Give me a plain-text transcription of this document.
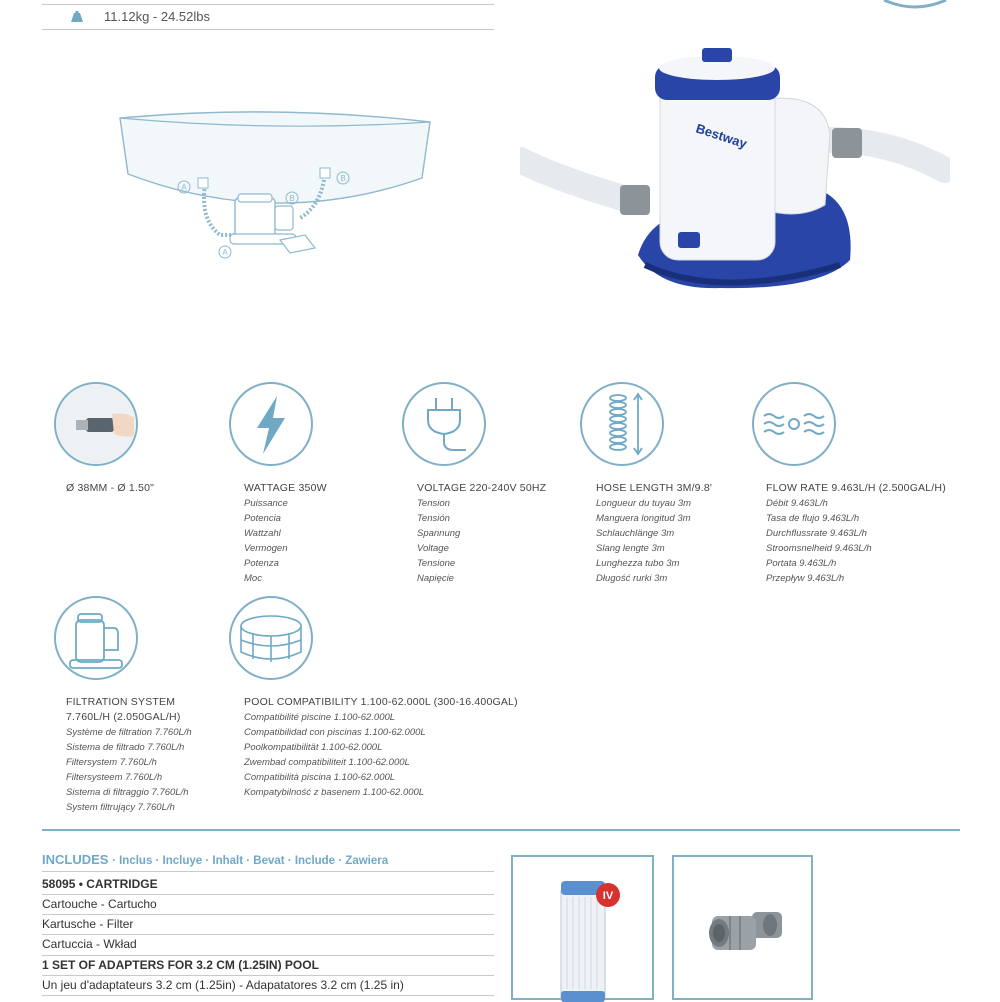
11.12kg - 24.52lbs
A
B
B
A
Bestway
Ø 38MM - Ø 1.50"	WATTAGE 350W
Puissance
Potencia
Wattzahl
Vermogen
Potenza
Moc
VOLTAGE 220-240V 50HZ
Tension
Tensión
Spannung
Voltage
Tensione
Napięcie
HOSE LENGTH 3M/9.8'
Longueur du tuyau 3m
Manguera longitud 3m
Schlauchlänge 3m
Slang lengte 3m
Lunghezza tubo 3m
Długość rurki 3m
FLOW RATE 9.463L/H (2.500GAL/H)
Débit 9.463L/h
Tasa de flujo 9.463L/h
Durchflussrate 9.463L/h
Stroomsnelheid 9.463L/h
Portata 9.463L/h
Przepływ 9.463L/h
FILTRATION SYSTEM
7.760L/H (2.050GAL/H)
Système de filtration 7.760L/h
Sistema de filtrado 7.760L/h
Filtersystem 7.760L/h
Filtersysteem 7.760L/h
Sistema di filtraggio 7.760L/h
System filtrujący 7.760L/h
POOL COMPATIBILITY 1.100-62.000L (300-16.400GAL)
Compatibilité piscine 1.100-62.000L
Compatibilidad con piscinas 1.100-62.000L
Poolkompatibilität 1.100-62.000L
Zwembad compatibiliteit 1.100-62.000L
Compatibilità piscina 1.100-62.000L
Kompatybilność z basenem 1.100-62.000L
INCLUDES · Inclus · Incluye · Inhalt · Bevat · Include · Zawiera
58095 • CARTRIDGE
Cartouche - Cartucho
Kartusche - Filter
Cartuccia - Wkład
1 SET OF ADAPTERS FOR 3.2 CM (1.25IN) POOL
Un jeu d'adaptateurs 3.2 cm (1.25in) - Adapatatores 3.2 cm (1.25 in)
IV
